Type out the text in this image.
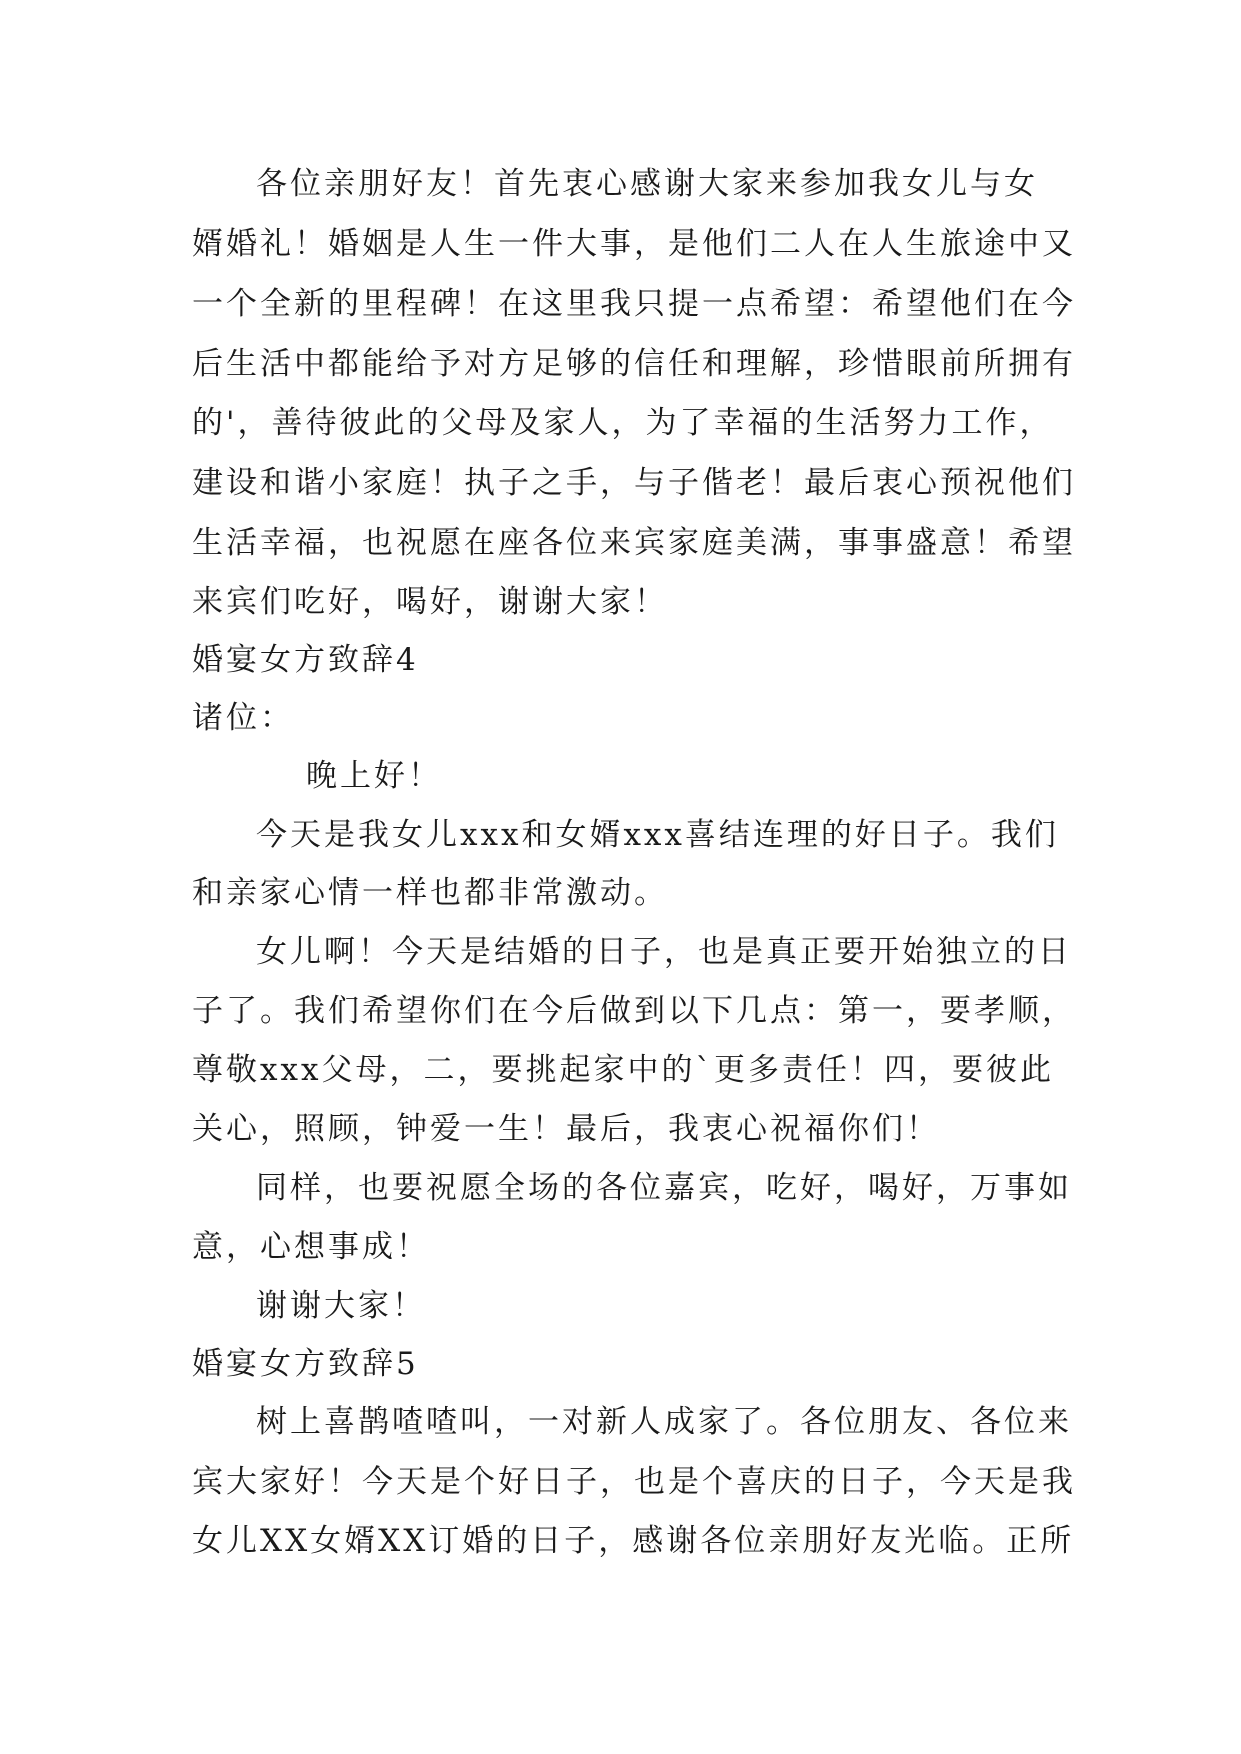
各位亲朋好友！首先衷心感谢大家来参加我女儿与女
婿婚礼！婚姻是人生一件大事，是他们二人在人生旅途中又
一个全新的里程碑！在这里我只提一点希望：希望他们在今
后生活中都能给予对方足够的信任和理解，珍惜眼前所拥有
的'，善待彼此的父母及家人，为了幸福的生活努力工作，
建设和谐小家庭！执子之手，与子偕老！最后衷心预祝他们
生活幸福，也祝愿在座各位来宾家庭美满，事事盛意！希望
来宾们吃好，喝好，谢谢大家！
婚宴女方致辞4
诸位：
晚上好！
今天是我女儿xxx和女婿xxx喜结连理的好日子。我们
和亲家心情一样也都非常激动。
女儿啊！今天是结婚的日子，也是真正要开始独立的日
子了。我们希望你们在今后做到以下几点：第一，要孝顺，
尊敬xxx父母，二，要挑起家中的`更多责任！四，要彼此
关心，照顾，钟爱一生！最后，我衷心祝福你们！
同样，也要祝愿全场的各位嘉宾，吃好，喝好，万事如
意，心想事成！
谢谢大家！
婚宴女方致辞5
树上喜鹊喳喳叫，一对新人成家了。各位朋友、各位来
宾大家好！今天是个好日子，也是个喜庆的日子，今天是我
女儿XX女婿XX订婚的日子，感谢各位亲朋好友光临。正所
